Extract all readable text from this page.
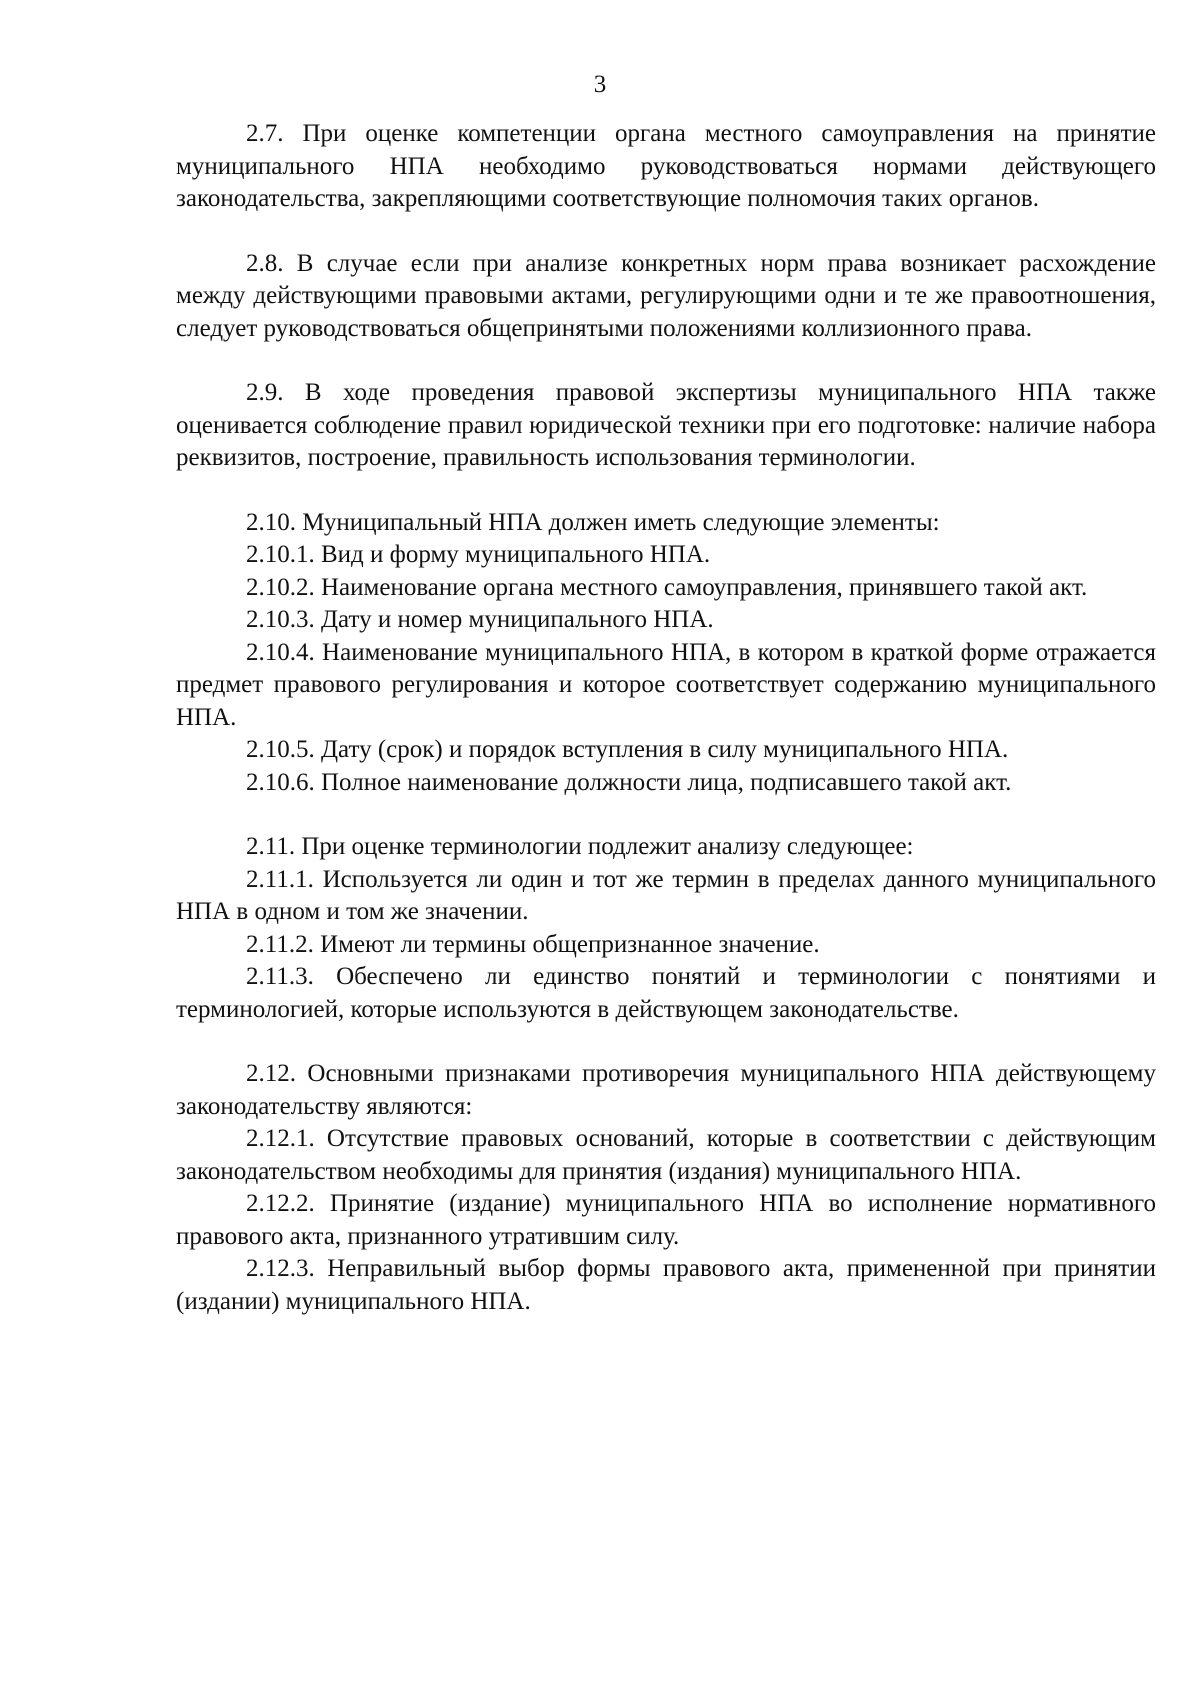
3

2.7. При оценке компетенции органа местного самоуправления на принятие муниципального НПА необходимо руководствоваться нормами действующего законодательства, закрепляющими соответствующие полномочия таких органов.

2.8. В случае если при анализе конкретных норм права возникает расхождение между действующими правовыми актами, регулирующими одни и те же правоотношения, следует руководствоваться общепринятыми положениями коллизионного права.

2.9. В ходе проведения правовой экспертизы муниципального НПА также оценивается соблюдение правил юридической техники при его подготовке: наличие набора реквизитов, построение, правильность использования терминологии.

2.10. Муниципальный НПА должен иметь следующие элементы:

2.10.1. Вид и форму муниципального НПА.

2.10.2. Наименование органа местного самоуправления, принявшего такой акт.

2.10.3. Дату и номер муниципального НПА.

2.10.4. Наименование муниципального НПА, в котором в краткой форме отражается предмет правового регулирования и которое соответствует содержанию муниципального НПА.

2.10.5. Дату (срок) и порядок вступления в силу муниципального НПА.

2.10.6. Полное наименование должности лица, подписавшего такой акт.

2.11. При оценке терминологии подлежит анализу следующее:

2.11.1. Используется ли один и тот же термин в пределах данного муниципального НПА в одном и том же значении.

2.11.2. Имеют ли термины общепризнанное значение.

2.11.3. Обеспечено ли единство понятий и терминологии с понятиями и терминологией, которые используются в действующем законодательстве.

2.12. Основными признаками противоречия муниципального НПА действующему законодательству являются:

2.12.1. Отсутствие правовых оснований, которые в соответствии с действующим законодательством необходимы для принятия (издания) муниципального НПА.

2.12.2. Принятие (издание) муниципального НПА во исполнение нормативного правового акта, признанного утратившим силу.

2.12.3. Неправильный выбор формы правового акта, примененной при принятии (издании) муниципального НПА.
